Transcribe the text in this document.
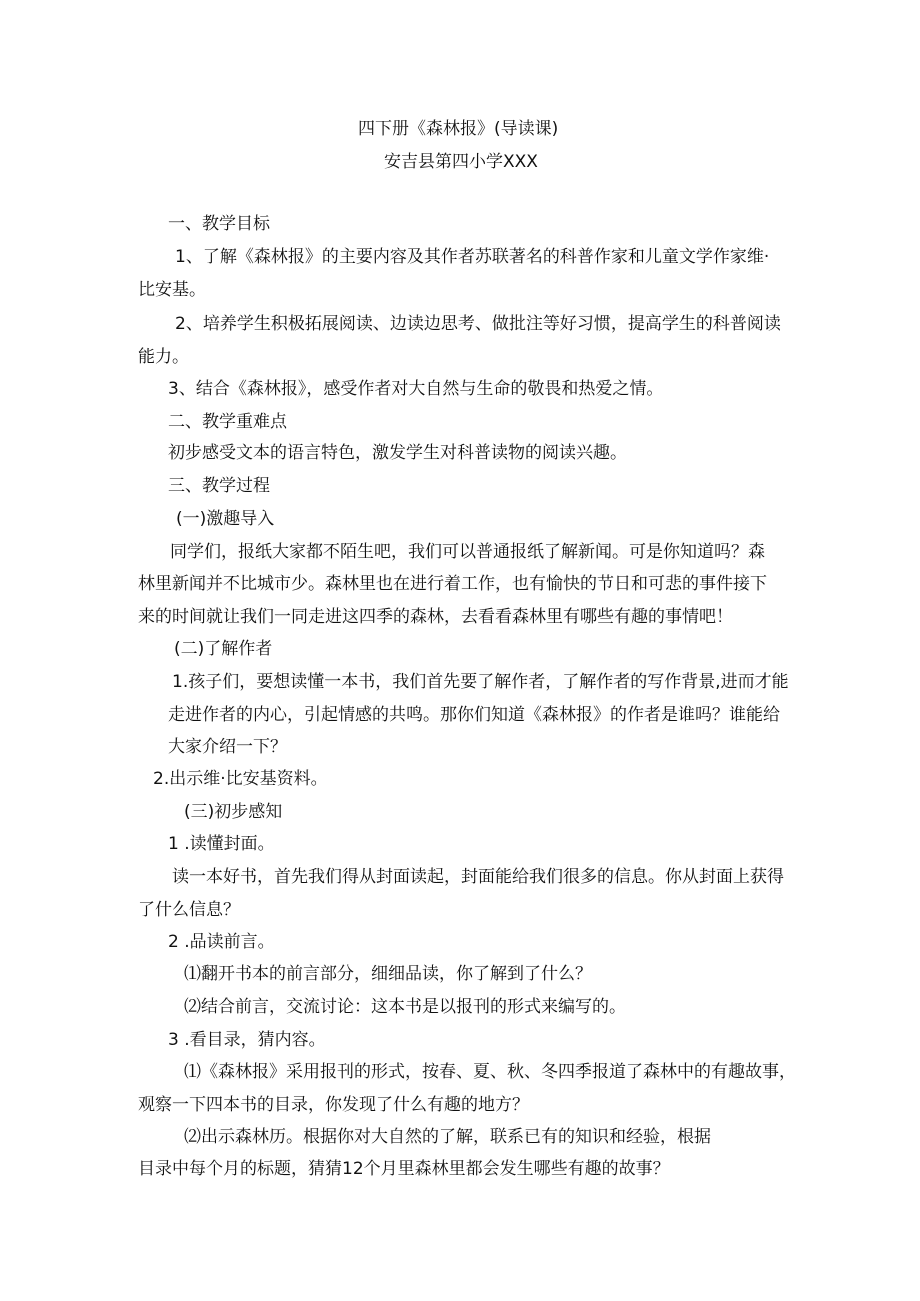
四下册《森林报》(导读课)

安吉县第四小学XXX

一、教学目标

1、了解《森林报》的主要内容及其作者苏联著名的科普作家和儿童文学作家维·

比安基。

2、培养学生积极拓展阅读、边读边思考、做批注等好习惯，提高学生的科普阅读

能力。

3、结合《森林报》，感受作者对大自然与生命的敬畏和热爱之情。

二、教学重难点

初步感受文本的语言特色，激发学生对科普读物的阅读兴趣。

三、教学过程

(一)激趣导入

同学们，报纸大家都不陌生吧，我们可以普通报纸了解新闻。可是你知道吗？森

林里新闻并不比城市少。森林里也在进行着工作，也有愉快的节日和可悲的事件接下

来的时间就让我们一同走进这四季的森林，去看看森林里有哪些有趣的事情吧！

(二)了解作者

1.孩子们，要想读懂一本书，我们首先要了解作者，了解作者的写作背景,进而才能

走进作者的内心，引起情感的共鸣。那你们知道《森林报》的作者是谁吗？谁能给

大家介绍一下？

2.出示维·比安基资料。

(三)初步感知

1 .读懂封面。

读一本好书，首先我们得从封面读起，封面能给我们很多的信息。你从封面上获得

了什么信息？

2 .品读前言。

⑴翻开书本的前言部分，细细品读，你了解到了什么？

⑵结合前言，交流讨论：这本书是以报刊的形式来编写的。

3 .看目录，猜内容。

⑴《森林报》采用报刊的形式，按春、夏、秋、冬四季报道了森林中的有趣故事，

观察一下四本书的目录，你发现了什么有趣的地方？

⑵出示森林历。根据你对大自然的了解，联系已有的知识和经验，根据

目录中每个月的标题，猜猜12个月里森林里都会发生哪些有趣的故事？
